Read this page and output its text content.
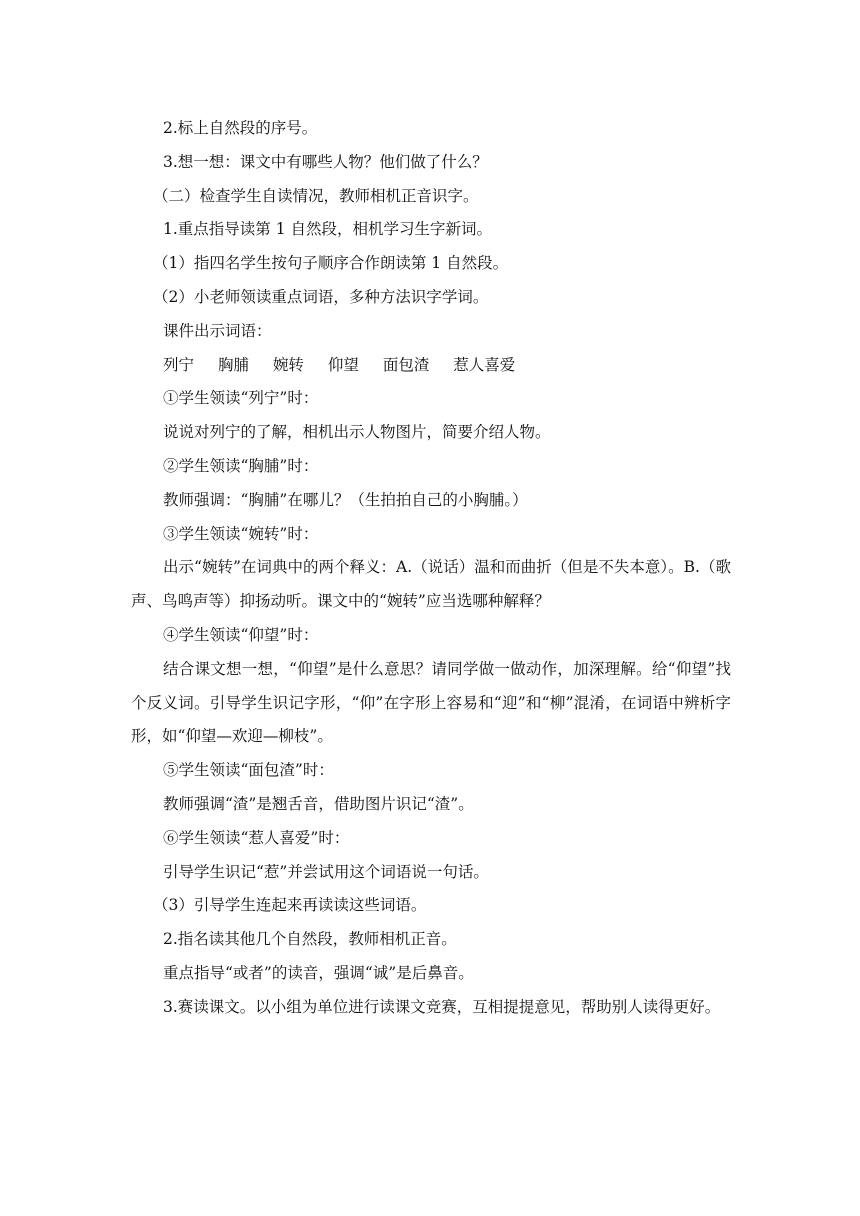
2.标上自然段的序号。

3.想一想：课文中有哪些人物？他们做了什么？

（二）检查学生自读情况，教师相机正音识字。

1.重点指导读第 1 自然段，相机学习生字新词。

（1）指四名学生按句子顺序合作朗读第 1 自然段。

（2）小老师领读重点词语，多种方法识字学词。

课件出示词语：

列宁 胸脯 婉转 仰望 面包渣 惹人喜爱

①学生领读“列宁”时：

说说对列宁的了解，相机出示人物图片，简要介绍人物。

②学生领读“胸脯”时：

教师强调：“胸脯”在哪儿？（生拍拍自己的小胸脯。）

③学生领读“婉转”时：

出示“婉转”在词典中的两个释义：A.（说话）温和而曲折（但是不失本意）。B.（歌声、鸟鸣声等）抑扬动听。课文中的“婉转”应当选哪种解释？

④学生领读“仰望”时：

结合课文想一想，“仰望”是什么意思？请同学做一做动作，加深理解。给“仰望”找个反义词。引导学生识记字形，“仰”在字形上容易和“迎”和“柳”混淆，在词语中辨析字形，如“仰望—欢迎—柳枝”。

⑤学生领读“面包渣”时：

教师强调“渣”是翘舌音，借助图片识记“渣”。

⑥学生领读“惹人喜爱”时：

引导学生识记“惹”并尝试用这个词语说一句话。

（3）引导学生连起来再读读这些词语。

2.指名读其他几个自然段，教师相机正音。

重点指导“或者”的读音，强调“诚”是后鼻音。

3.赛读课文。以小组为单位进行读课文竞赛，互相提提意见，帮助别人读得更好。
